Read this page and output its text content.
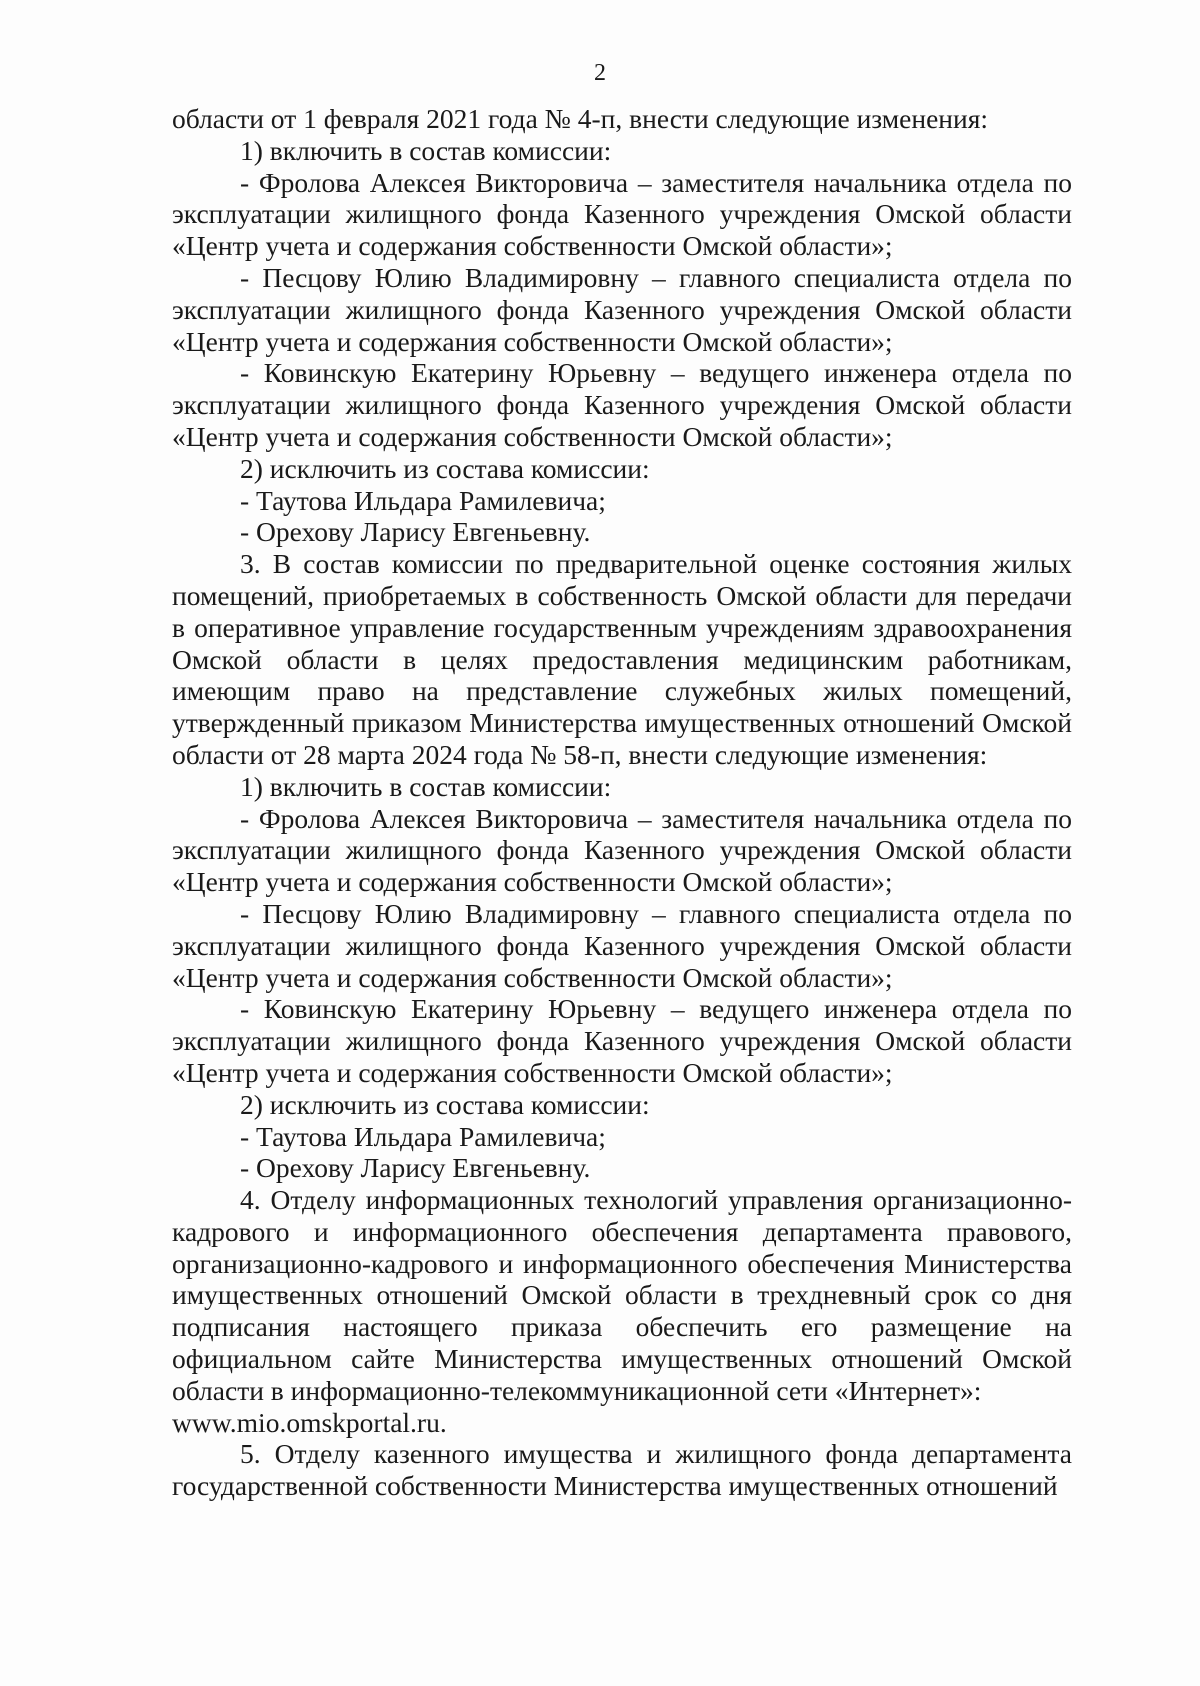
2

области от 1 февраля 2021 года № 4-п, внести следующие изменения:

1) включить в состав комиссии:

- Фролова Алексея Викторовича – заместителя начальника отдела по эксплуатации жилищного фонда Казенного учреждения Омской области «Центр учета и содержания собственности Омской области»;

- Песцову Юлию Владимировну – главного специалиста отдела по эксплуатации жилищного фонда Казенного учреждения Омской области «Центр учета и содержания собственности Омской области»;

- Ковинскую Екатерину Юрьевну – ведущего инженера отдела по эксплуатации жилищного фонда Казенного учреждения Омской области «Центр учета и содержания собственности Омской области»;

2) исключить из состава комиссии:

- Таутова Ильдара Рамилевича;

- Орехову Ларису Евгеньевну.

3. В состав комиссии по предварительной оценке состояния жилых помещений, приобретаемых в собственность Омской области для передачи в оперативное управление государственным учреждениям здравоохранения Омской области в целях предоставления медицинским работникам, имеющим право на представление служебных жилых помещений, утвержденный приказом Министерства имущественных отношений Омской области от 28 марта 2024 года № 58-п, внести следующие изменения:

1) включить в состав комиссии:

- Фролова Алексея Викторовича – заместителя начальника отдела по эксплуатации жилищного фонда Казенного учреждения Омской области «Центр учета и содержания собственности Омской области»;

- Песцову Юлию Владимировну – главного специалиста отдела по эксплуатации жилищного фонда Казенного учреждения Омской области «Центр учета и содержания собственности Омской области»;

- Ковинскую Екатерину Юрьевну – ведущего инженера отдела по эксплуатации жилищного фонда Казенного учреждения Омской области «Центр учета и содержания собственности Омской области»;

2) исключить из состава комиссии:

- Таутова Ильдара Рамилевича;

- Орехову Ларису Евгеньевну.

4. Отделу информационных технологий управления организационно-кадрового и информационного обеспечения департамента правового, организационно-кадрового и информационного обеспечения Министерства имущественных отношений Омской области в трехдневный срок со дня подписания настоящего приказа обеспечить его размещение на официальном сайте Министерства имущественных отношений Омской области в информационно-телекоммуникационной сети «Интернет»:

www.mio.omskportal.ru.

5. Отделу казенного имущества и жилищного фонда департамента государственной собственности Министерства имущественных отношений
